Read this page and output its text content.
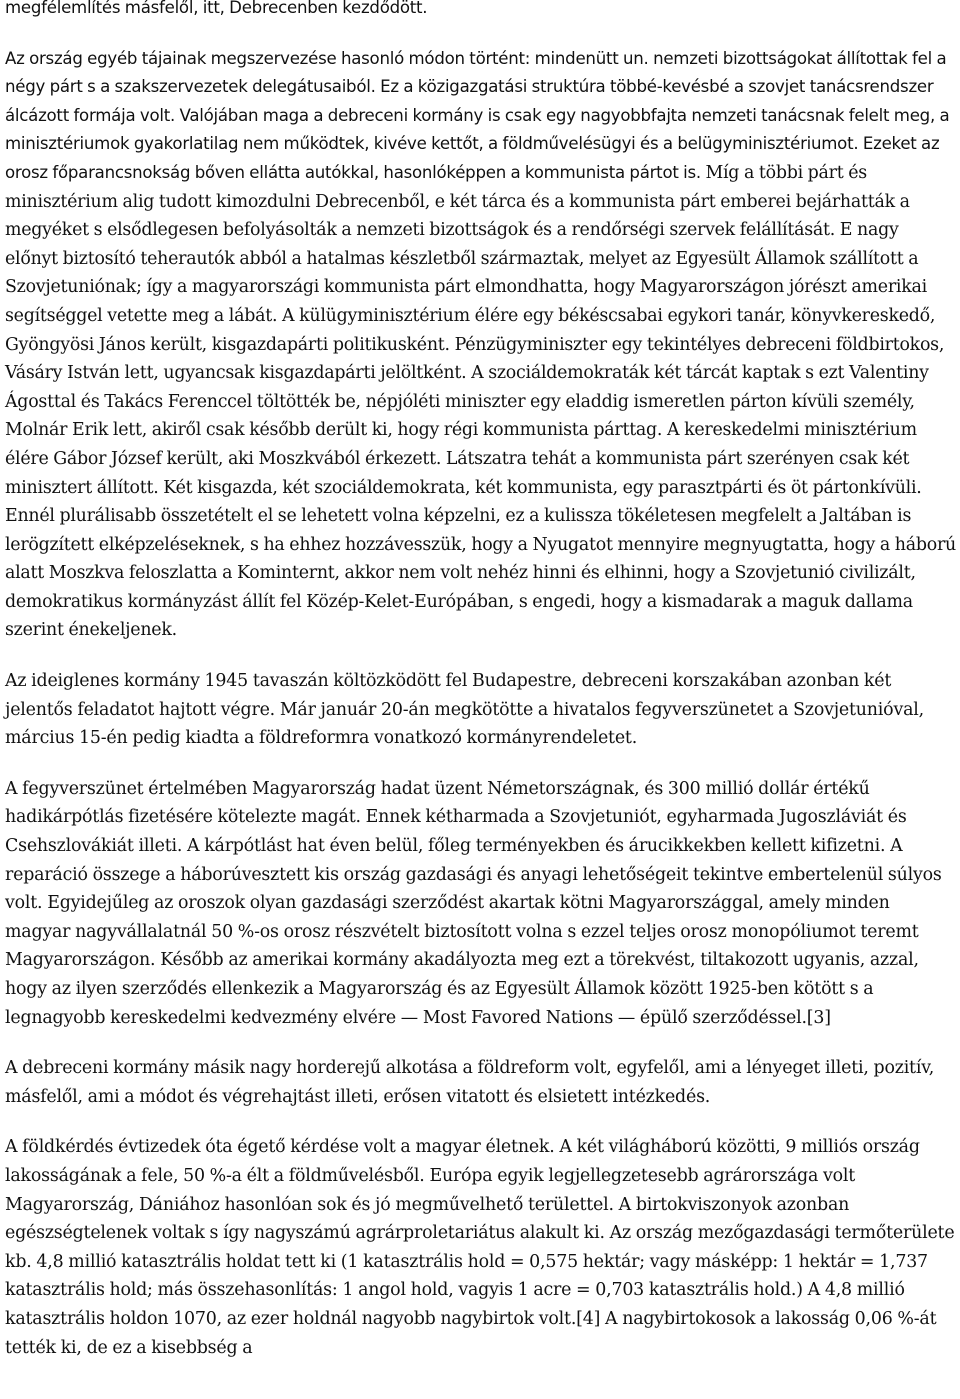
megfélemlítés másfelől, itt, Debrecenben kezdődött.

Az ország egyéb tájainak megszervezése hasonló módon történt: mindenütt un. nemzeti bizottságokat állítottak fel a négy párt s a szakszervezetek delegátusaiból. Ez a közigazgatási struktúra többé-kevésbé a szovjet tanácsrendszer álcázott formája volt. Valójában maga a debreceni kormány is csak egy nagyobbfajta nemzeti tanácsnak felelt meg, a minisztériumok gyakorlatilag nem működtek, kivéve kettőt, a földművelésügyi és a belügyminisztériumot. Ezeket az orosz főparancsnokság bőven ellátta autókkal, hasonlóképpen a kommunista pártot is. Míg a többi párt és minisztérium alig tudott kimozdulni Debrecenből, e két tárca és a kommunista párt emberei bejárhatták a megyéket s elsődlegesen befolyásolták a nemzeti bizottságok és a rendőrségi szervek felállítását. E nagy előnyt biztosító teherautók abból a hatalmas készletből származtak, melyet az Egyesült Államok szállított a Szovjetuniónak; így a magyarországi kommunista párt elmondhatta, hogy Magyarországon jórészt amerikai segítséggel vetette meg a lábát. A külügyminisztérium élére egy békéscsabai egykori tanár, könyvkereskedő, Gyöngyösi János került, kisgazdapárti politikusként. Pénzügyminiszter egy tekintélyes debreceni földbirtokos, Vásáry István lett, ugyancsak kisgazdapárti jelöltként. A szociáldemokraták két tárcát kaptak s ezt Valentiny Ágosttal és Takács Ferenccel töltötték be, népjóléti miniszter egy eladdig ismeretlen párton kívüli személy, Molnár Erik lett, akiről csak később derült ki, hogy régi kommunista párttag. A kereskedelmi minisztérium élére Gábor József került, aki Moszkvából érkezett. Látszatra tehát a kommunista párt szerényen csak két minisztert állított. Két kisgazda, két szociáldemokrata, két kommunista, egy parasztpárti és öt pártonkívüli. Ennél plurálisabb összetételt el se lehetett volna képzelni, ez a kulissza tökéletesen megfelelt a Jaltában is lerögzített elképzeléseknek, s ha ehhez hozzávesszük, hogy a Nyugatot mennyire megnyugtatta, hogy a háború alatt Moszkva feloszlatta a Kominternt, akkor nem volt nehéz hinni és elhinni, hogy a Szovjetunió civilizált, demokratikus kormányzást állít fel Közép-Kelet-Európában, s engedi, hogy a kismadarak a maguk dallama szerint énekeljenek.

Az ideiglenes kormány 1945 tavaszán költözködött fel Budapestre, debreceni korszakában azonban két jelentős feladatot hajtott végre. Már január 20-án megkötötte a hivatalos fegyverszünetet a Szovjetunióval, március 15-én pedig kiadta a földreformra vonatkozó kormányrendeletet.

A fegyverszünet értelmében Magyarország hadat üzent Németországnak, és 300 millió dollár értékű hadikárpótlás fizetésére kötelezte magát. Ennek kétharmada a Szovjetuniót, egyharmada Jugoszláviát és Csehszlovákiát illeti. A kárpótlást hat éven belül, főleg terményekben és árucikkekben kellett kifizetni. A reparáció összege a háborúvesztett kis ország gazdasági és anyagi lehetőségeit tekintve embertelenül súlyos volt. Egyidejűleg az oroszok olyan gazdasági szerződést akartak kötni Magyarországgal, amely minden magyar nagyvállalatnál 50 %-os orosz részvételt biztosított volna s ezzel teljes orosz monopóliumot teremt Magyarországon. Később az amerikai kormány akadályozta meg ezt a törekvést, tiltakozott ugyanis, azzal, hogy az ilyen szerződés ellenkezik a Magyarország és az Egyesült Államok között 1925-ben kötött s a legnagyobb kereskedelmi kedvezmény elvére — Most Favored Nations — épülő szerződéssel.[3]

A debreceni kormány másik nagy horderejű alkotása a földreform volt, egyfelől, ami a lényeget illeti, pozitív, másfelől, ami a módot és végrehajtást illeti, erősen vitatott és elsietett intézkedés.

A földkérdés évtizedek óta égető kérdése volt a magyar életnek. A két világháború közötti, 9 milliós ország lakosságának a fele, 50 %-a élt a földművelésből. Európa egyik legjellegzetesebb agrárországa volt Magyarország, Dániához hasonlóan sok és jó megművelhető területtel. A birtokviszonyok azonban egészségtelenek voltak s így nagyszámú agrárproletariátus alakult ki. Az ország mezőgazdasági termőterülete kb. 4,8 millió katasztrális holdat tett ki (1 katasztrális hold = 0,575 hektár; vagy másképp: 1 hektár = 1,737 katasztrális hold; más összehasonlítás: 1 angol hold, vagyis 1 acre = 0,703 katasztrális hold.) A 4,8 millió katasztrális holdon 1070, az ezer holdnál nagyobb nagybirtok volt.[4] A nagybirtokosok a lakosság 0,06 %-át tették ki, de ez a kisebbség a
